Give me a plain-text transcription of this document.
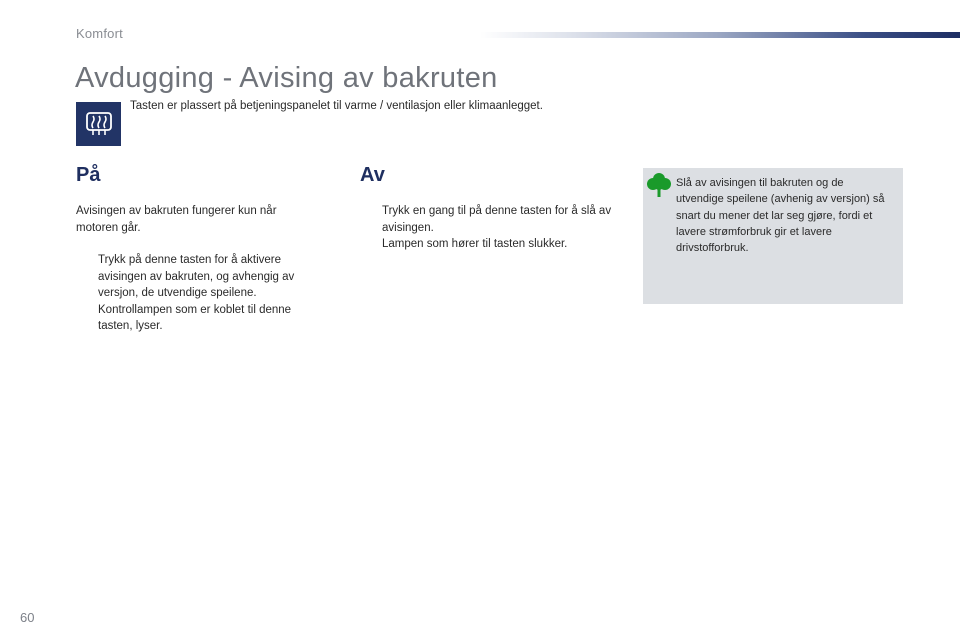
Komfort
Avdugging - Avising av bakruten

Tasten er plassert på betjeningspanelet til varme / ventilasjon eller klimaanlegget.

På

Avisingen av bakruten fungerer kun når motoren går.

Trykk på denne tasten for å aktivere avisingen av bakruten, og avhengig av versjon, de utvendige speilene. Kontrollampen som er koblet til denne tasten, lyser.

Av

Trykk en gang til på denne tasten for å slå av avisingen.

Lampen som hører til tasten slukker.

Slå av avisingen til bakruten og de utvendige speilene (avhenig av versjon) så snart du mener det lar seg gjøre, fordi et lavere strømforbruk gir et lavere drivstofforbruk.

60
